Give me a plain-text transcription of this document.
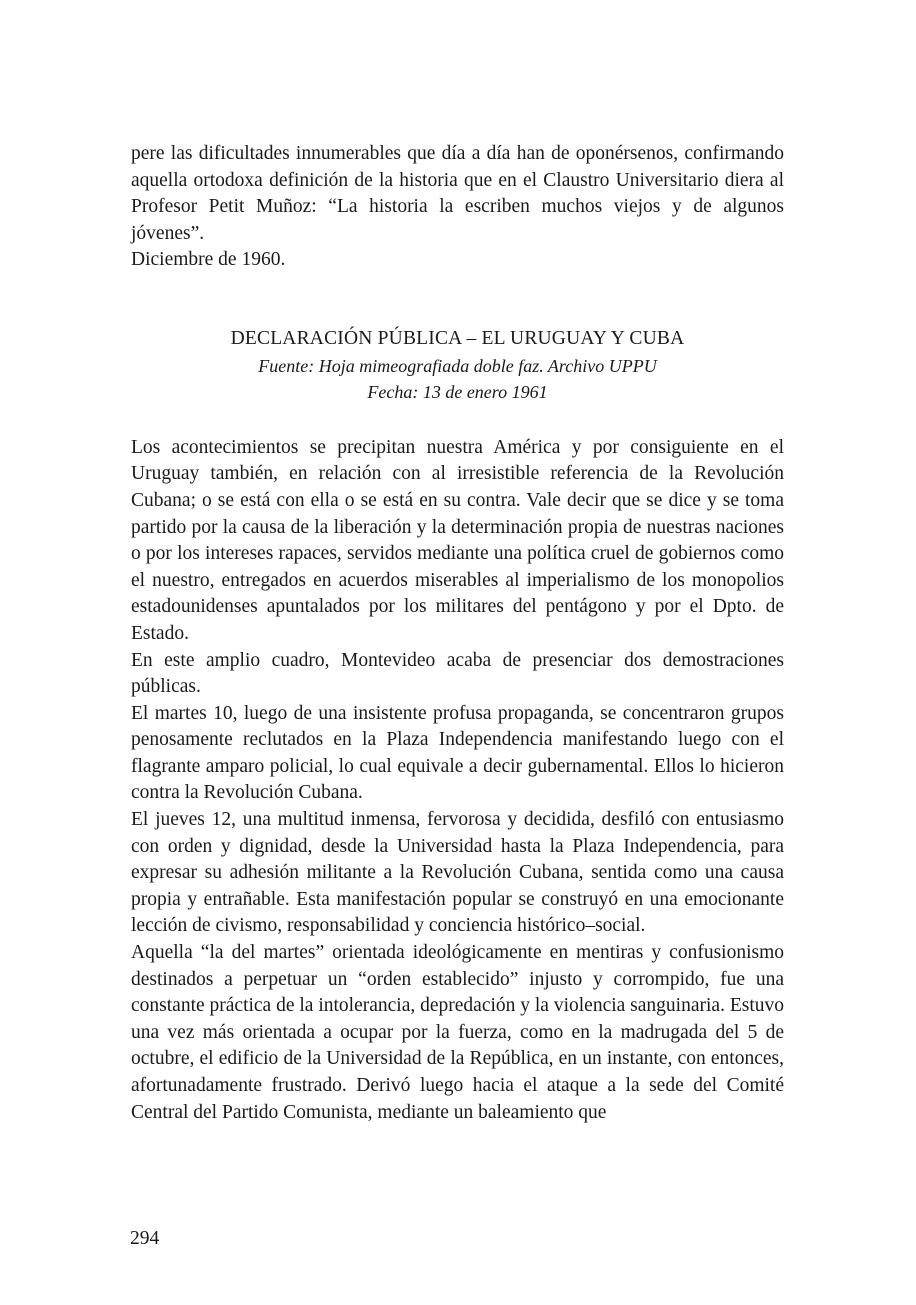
pere las dificultades innumerables que día a día han de oponérsenos, confirmando aquella ortodoxa definición de la historia que en el Claustro Universitario diera al Profesor Petit Muñoz: “La historia la escriben muchos viejos y de algunos jóvenes”.

Diciembre de 1960.

DECLARACIÓN PÚBLICA – EL URUGUAY Y CUBA
Fuente: Hoja mimeografiada doble faz. Archivo UPPU
Fecha: 13 de enero 1961

Los acontecimientos se precipitan nuestra América y por consiguiente en el Uruguay también, en relación con al irresistible referencia de la Revolución Cubana; o se está con ella o se está en su contra. Vale decir que se dice y se toma partido por la causa de la liberación y la determinación propia de nuestras naciones o por los intereses rapaces, servidos mediante una política cruel de gobiernos como el nuestro, entregados en acuerdos miserables al imperialismo de los monopolios estadounidenses apuntalados por los militares del pentágono y por el Dpto. de Estado.

En este amplio cuadro, Montevideo acaba de presenciar dos demostraciones públicas.

El martes 10, luego de una insistente profusa propaganda, se concentraron grupos penosamente reclutados en la Plaza Independencia manifestando luego con el flagrante amparo policial, lo cual equivale a decir gubernamental. Ellos lo hicieron contra la Revolución Cubana.

El jueves 12, una multitud inmensa, fervorosa y decidida, desfiló con entusiasmo con orden y dignidad, desde la Universidad hasta la Plaza Independencia, para expresar su adhesión militante a la Revolución Cubana, sentida como una causa propia y entrañable. Esta manifestación popular se construyó en una emocionante lección de civismo, responsabilidad y conciencia histórico–social.

Aquella “la del martes” orientada ideológicamente en mentiras y confusionismo destinados a perpetuar un “orden establecido” injusto y corrompido, fue una constante práctica de la intolerancia, depredación y la violencia sanguinaria. Estuvo una vez más orientada a ocupar por la fuerza, como en la madrugada del 5 de octubre, el edificio de la Universidad de la República, en un instante, con entonces, afortunadamente frustrado. Derivó luego hacia el ataque a la sede del Comité Central del Partido Comunista, mediante un baleamiento que

294
